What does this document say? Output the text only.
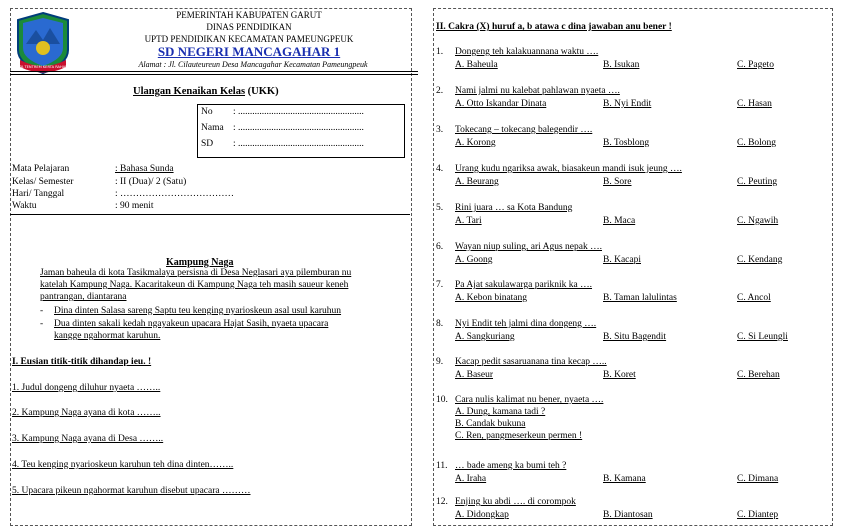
TATA TENTREM KERTA RAHARJA
PEMERINTAH KABUPATEN GARUT
DINAS PENDIDIKAN
UPTD PENDIDIKAN KECAMATAN PAMEUNGPEUK
SD NEGERI MANCAGAHAR 1
Alamat : Jl. Cilauteureun Desa Mancagahar Kecamatan Pameungpeuk
Ulangan Kenaikan Kelas (UKK)
No : .....................................................
Nama : .....................................................
SD : .....................................................
Mata Pelajaran	: Bahasa Sunda
Kelas/ Semester	: II (Dua)/ 2 (Satu)
Hari/ Tanggal	: ………………………………
Waktu	: 90 menit
Kampung Naga
Jaman baheula di kota Tasikmalaya persisna di Desa Neglasari aya pilemburan nu
katelah Kampung Naga. Kacaritakeun di Kampung Naga teh masih saueur keneh
pantrangan, diantarana
- Dina dinten Salasa sareng Saptu teu kenging nyarioskeun asal usul karuhun
- Dua dinten sakali kedah ngayakeun upacara Hajat Sasih, nyaeta upacara
kangge ngahormat karuhun.
I. Eusian titik-titik dihandap ieu. !
1. Judul dongeng diluhur nyaeta ……..
2. Kampung Naga ayana di kota ……..
3. Kampung Naga ayana di Desa ……..
4. Teu kenging nyarioskeun karuhun teh dina dinten……..
5. Upacara pikeun ngahormat karuhun disebut upacara ………
II. Cakra (X) huruf a, b atawa c dina jawaban anu bener !
1. Dongeng teh kalakuannana waktu ….
A. Baheula	B. Isukan	C. Pageto
2. Nami jalmi nu kalebat pahlawan nyaeta ….
A. Otto Iskandar Dinata	B. Nyi Endit	C. Hasan
3. Tokecang – tokecang balegendir ….
A. Korong	B. Tosblong	C. Bolong
4. Urang kudu ngariksa awak, biasakeun mandi isuk jeung ….
A. Beurang	B. Sore	C. Peuting
5. Rini juara … sa Kota Bandung
A. Tari	B. Maca	C. Ngawih
6. Wayan niup suling, ari Agus nepak ….
A. Goong	B. Kacapi	C. Kendang
7. Pa Ajat sakulawarga pariknik ka ….
A. Kebon binatang	B. Taman lalulintas	C. Ancol
8. Nyi Endit teh jalmi dina dongeng ….
A. Sangkuriang	B. Situ Bagendit	C. Si Leungli
9. Kacap pedit sasaruanana tina kecap …..
A. Baseur	B. Koret	C. Berehan
10. Cara nulis kalimat nu bener, nyaeta ….
A. Dung, kamana tadi ?
B. Candak bukuna
C. Ren, pangmeserkeun permen !
11. … bade ameng ka bumi teh ?
A. Iraha	B. Kamana	C. Dimana
12. Enjing ku abdi …. di corompok
A. Didongkap	B. Diantosan	C. Diantep
